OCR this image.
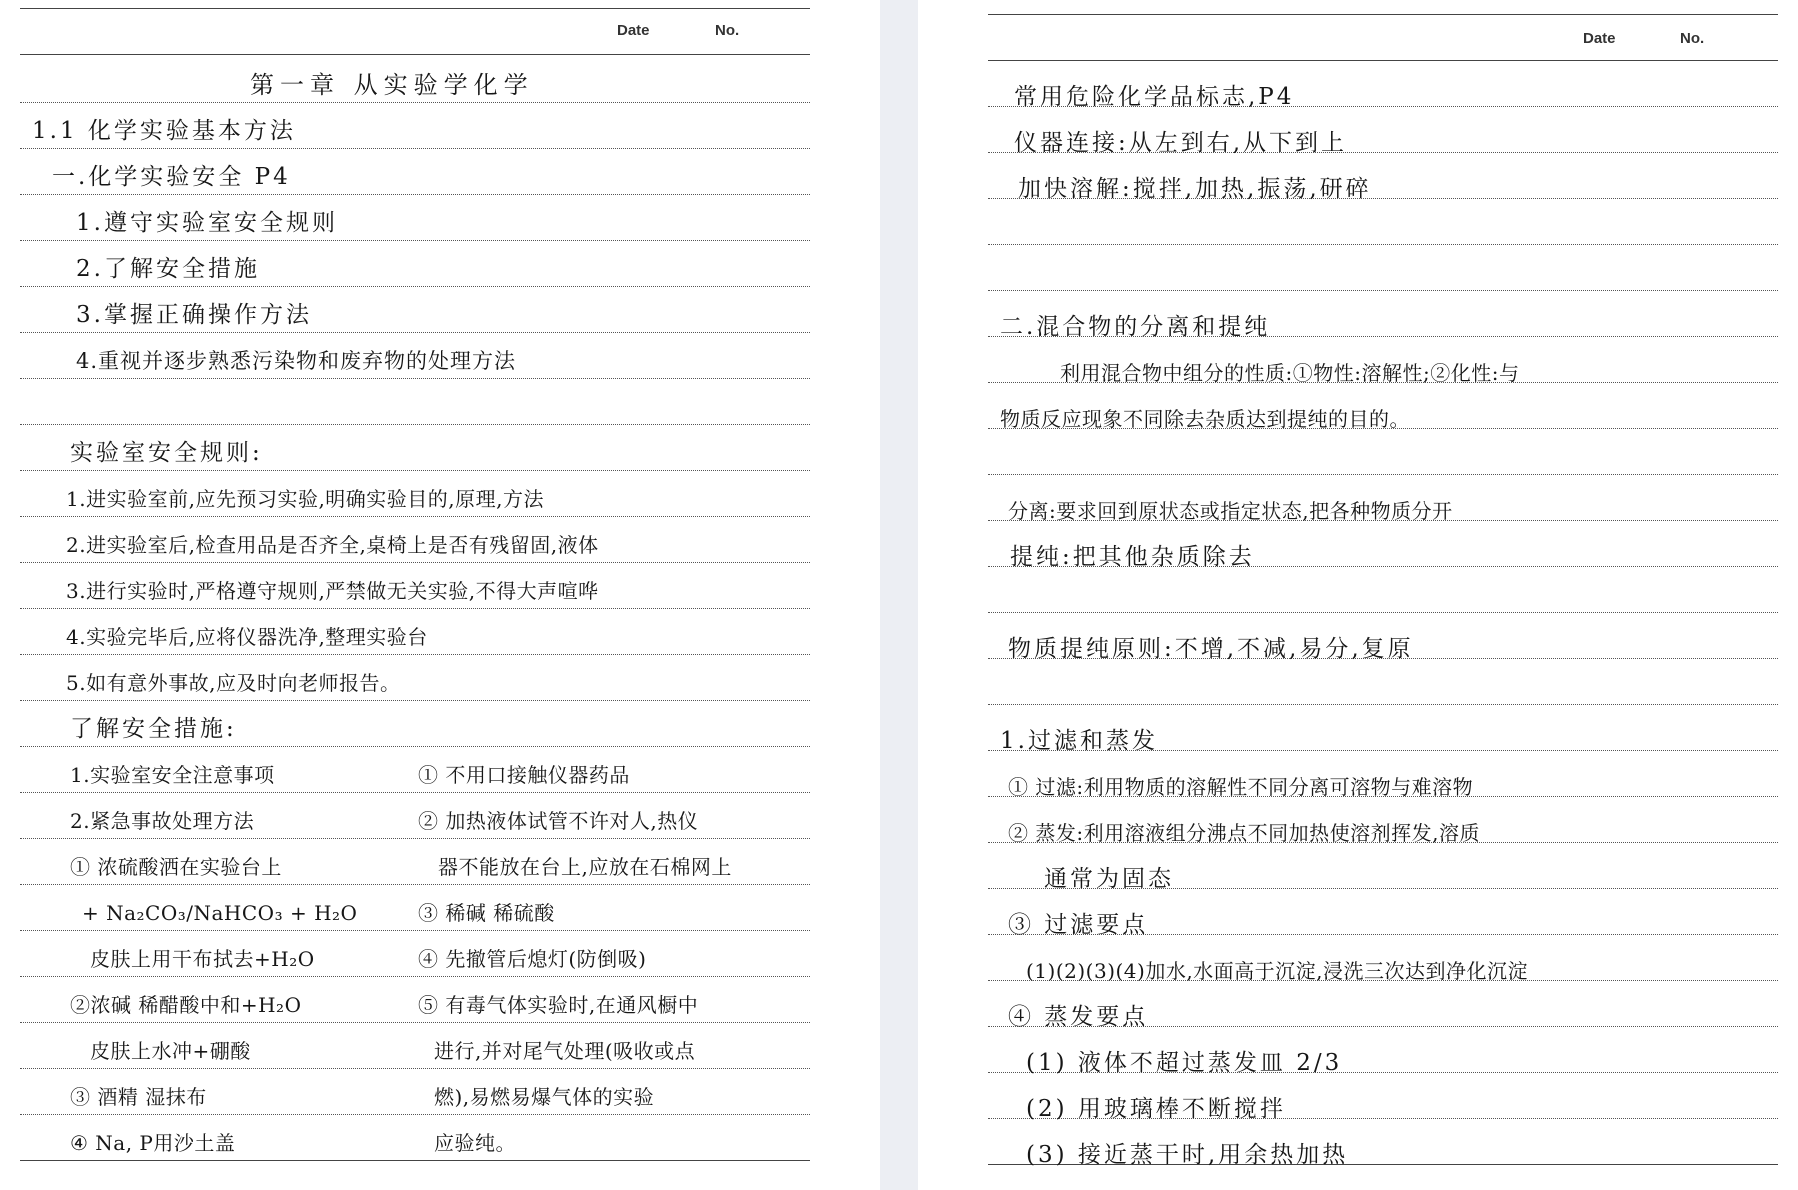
Date	No.
第一章 从实验学化学
1.1 化学实验基本方法
一.化学实验安全 P4
1.遵守实验室安全规则
2.了解安全措施
3.掌握正确操作方法
4.重视并逐步熟悉污染物和废弃物的处理方法
实验室安全规则:
1.进实验室前,应先预习实验,明确实验目的,原理,方法
2.进实验室后,检查用品是否齐全,桌椅上是否有残留固,液体
3.进行实验时,严格遵守规则,严禁做无关实验,不得大声喧哗
4.实验完毕后,应将仪器洗净,整理实验台
5.如有意外事故,应及时向老师报告。
了解安全措施:
1.实验室安全注意事项
2.紧急事故处理方法
① 浓硫酸洒在实验台上
+ Na₂CO₃/NaHCO₃ + H₂O
皮肤上用干布拭去+H₂O
②浓碱 稀醋酸中和+H₂O
皮肤上水冲+硼酸
③ 酒精 湿抹布
④ Na, P用沙土盖
① 不用口接触仪器药品
② 加热液体试管不许对人,热仪
器不能放在台上,应放在石棉网上
③ 稀碱 稀硫酸
④ 先撤管后熄灯(防倒吸)
⑤ 有毒气体实验时,在通风橱中
进行,并对尾气处理(吸收或点
燃),易燃易爆气体的实验
应验纯。
Date	No.
常用危险化学品标志,P4
仪器连接:从左到右,从下到上
加快溶解:搅拌,加热,振荡,研碎
二.混合物的分离和提纯
利用混合物中组分的性质:①物性:溶解性;②化性:与
物质反应现象不同除去杂质达到提纯的目的。
分离:要求回到原状态或指定状态,把各种物质分开
提纯:把其他杂质除去
物质提纯原则:不增,不减,易分,复原
1.过滤和蒸发
① 过滤:利用物质的溶解性不同分离可溶物与难溶物
② 蒸发:利用溶液组分沸点不同加热使溶剂挥发,溶质
通常为固态
③ 过滤要点
(1)(2)(3)(4)加水,水面高于沉淀,浸洗三次达到净化沉淀
④ 蒸发要点
(1) 液体不超过蒸发皿 2/3
(2) 用玻璃棒不断搅拌
(3) 接近蒸干时,用余热加热
